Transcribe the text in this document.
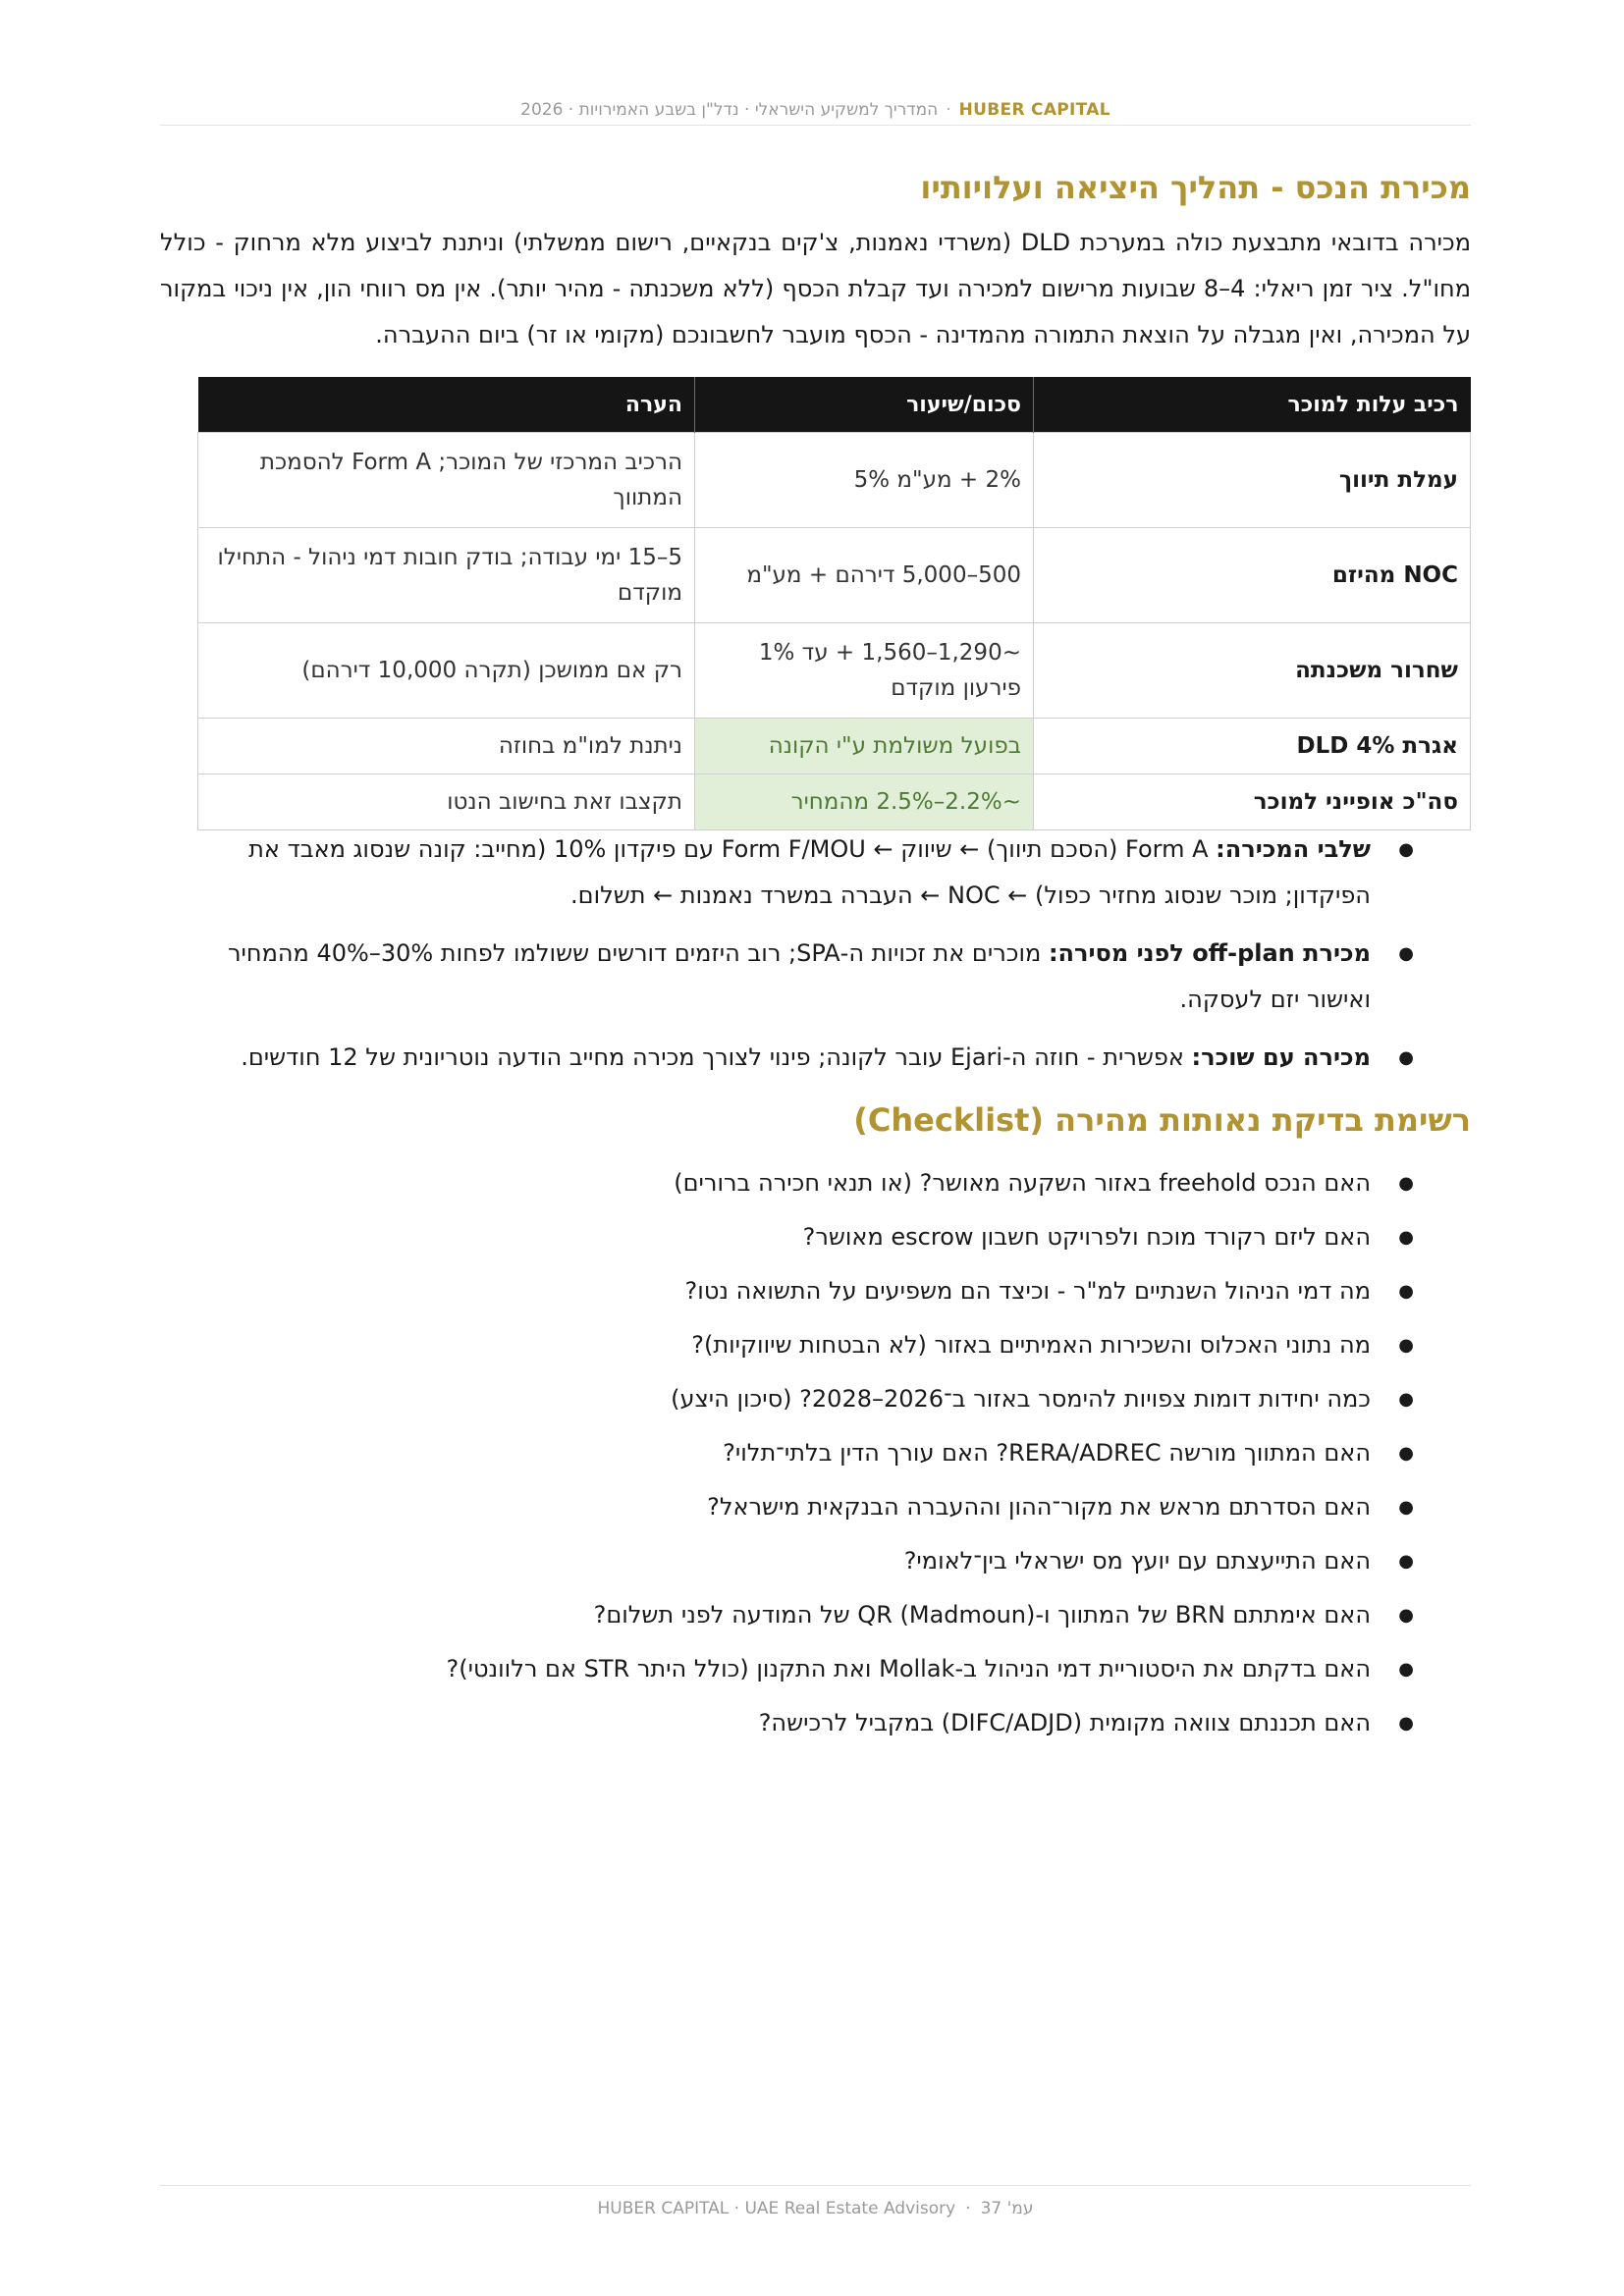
HUBER CAPITAL·המדריך למשקיע הישראלי · נדל"ן בשבע האמירויות · 2026
מכירת הנכס - תהליך היציאה ועלויותיו

מכירה בדובאי מתבצעת כולה במערכת DLD (משרדי נאמנות, צ'קים בנקאיים, רישום ממשלתי) וניתנת לביצוע מלא מרחוק - כולל מחו"ל. ציר זמן ריאלי: 4–8 שבועות מרישום למכירה ועד קבלת הכסף (ללא משכנתה - מהיר יותר). אין מס רווחי הון, אין ניכוי במקור על המכירה, ואין מגבלה על הוצאת התמורה מהמדינה - הכסף מועבר לחשבונכם (מקומי או זר) ביום ההעברה.

רכיב עלות למוכר	סכום/שיעור	הערה
עמלת תיווך	2% + מע"מ 5%	הרכיב המרכזי של המוכר; Form A להסמכת המתווך
NOC מהיזם	500–5,000 דירהם + מע"מ	5–15 ימי עבודה; בודק חובות דמי ניהול - התחילו מוקדם
שחרור משכנתה	~1,290–1,560 + עד 1% פירעון מוקדם	רק אם ממושכן (תקרה 10,000 דירהם)
אגרת DLD 4%	בפועל משולמת ע"י הקונה	ניתנת למו"מ בחוזה
סה"כ אופייני למוכר	~2.2%–2.5% מהמחיר	תקצבו זאת בחישוב הנטו
●
שלבי המכירה: Form A (הסכם תיווך) ← שיווק ← Form F/MOU עם פיקדון 10% (מחייב: קונה שנסוג מאבד את הפיקדון; מוכר שנסוג מחזיר כפול) ← NOC ← העברה במשרד נאמנות ← תשלום.
●
מכירת off-plan לפני מסירה: מוכרים את זכויות ה-SPA; רוב היזמים דורשים ששולמו לפחות 30%–40% מהמחיר ואישור יזם לעסקה.
●
מכירה עם שוכר: אפשרית - חוזה ה-Ejari עובר לקונה; פינוי לצורך מכירה מחייב הודעה נוטריונית של 12 חודשים.
רשימת בדיקת נאותות מהירה (Checklist)
●
האם הנכס freehold באזור השקעה מאושר? (או תנאי חכירה ברורים)
●
האם ליזם רקורד מוכח ולפרויקט חשבון escrow מאושר?
●
מה דמי הניהול השנתיים למ"ר - וכיצד הם משפיעים על התשואה נטו?
●
מה נתוני האכלוס והשכירות האמיתיים באזור (לא הבטחות שיווקיות)?
●
כמה יחידות דומות צפויות להימסר באזור ב־2026–2028? (סיכון היצע)
●
האם המתווך מורשה RERA/ADREC? האם עורך הדין בלתי־תלוי?
●
האם הסדרתם מראש את מקור־ההון וההעברה הבנקאית מישראל?
●
האם התייעצתם עם יועץ מס ישראלי בין־לאומי?
●
האם אימתתם BRN של המתווך ו-QR (Madmoun) של המודעה לפני תשלום?
●
האם בדקתם את היסטוריית דמי הניהול ב-Mollak ואת התקנון (כולל היתר STR אם רלוונטי)?
●
האם תכננתם צוואה מקומית (DIFC/ADJD) במקביל לרכישה?
עמ' 37·HUBER CAPITAL · UAE Real Estate Advisory
